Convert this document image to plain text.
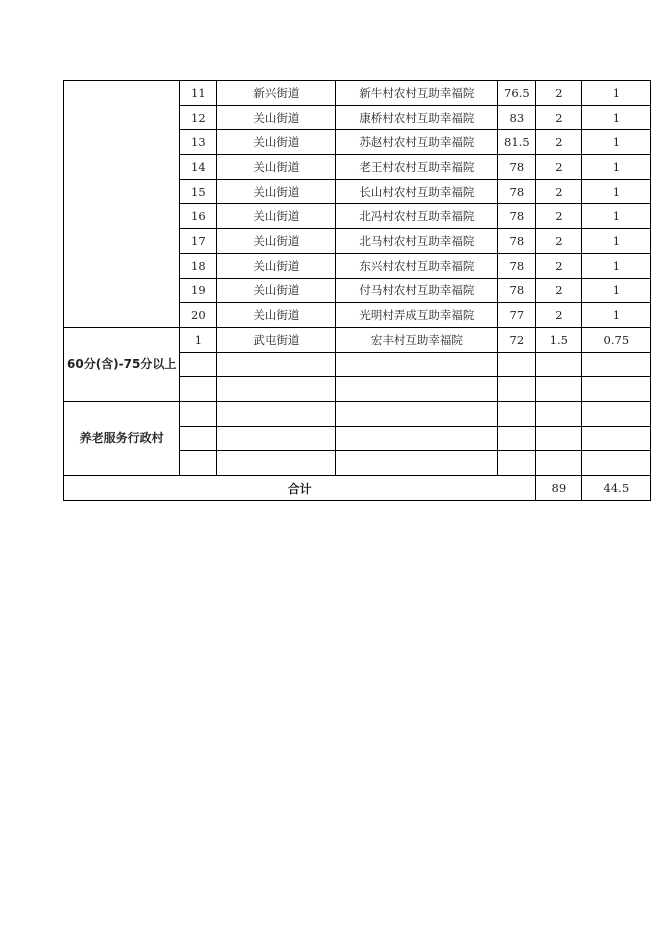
	11	新兴街道	新牛村农村互助幸福院	76.5	2	1
	12	关山街道	康桥村农村互助幸福院	83	2	1
	13	关山街道	苏赵村农村互助幸福院	81.5	2	1
	14	关山街道	老王村农村互助幸福院	78	2	1
	15	关山街道	长山村农村互助幸福院	78	2	1
	16	关山街道	北冯村农村互助幸福院	78	2	1
	17	关山街道	北马村农村互助幸福院	78	2	1
	18	关山街道	东兴村农村互助幸福院	78	2	1
	19	关山街道	付马村农村互助幸福院	78	2	1
	20	关山街道	光明村弄成互助幸福院	77	2	1
60分(含)-75分以上	1	武屯街道	宏丰村互助幸福院	72	1.5	0.75

养老服务行政村						

合计					89	44.5
